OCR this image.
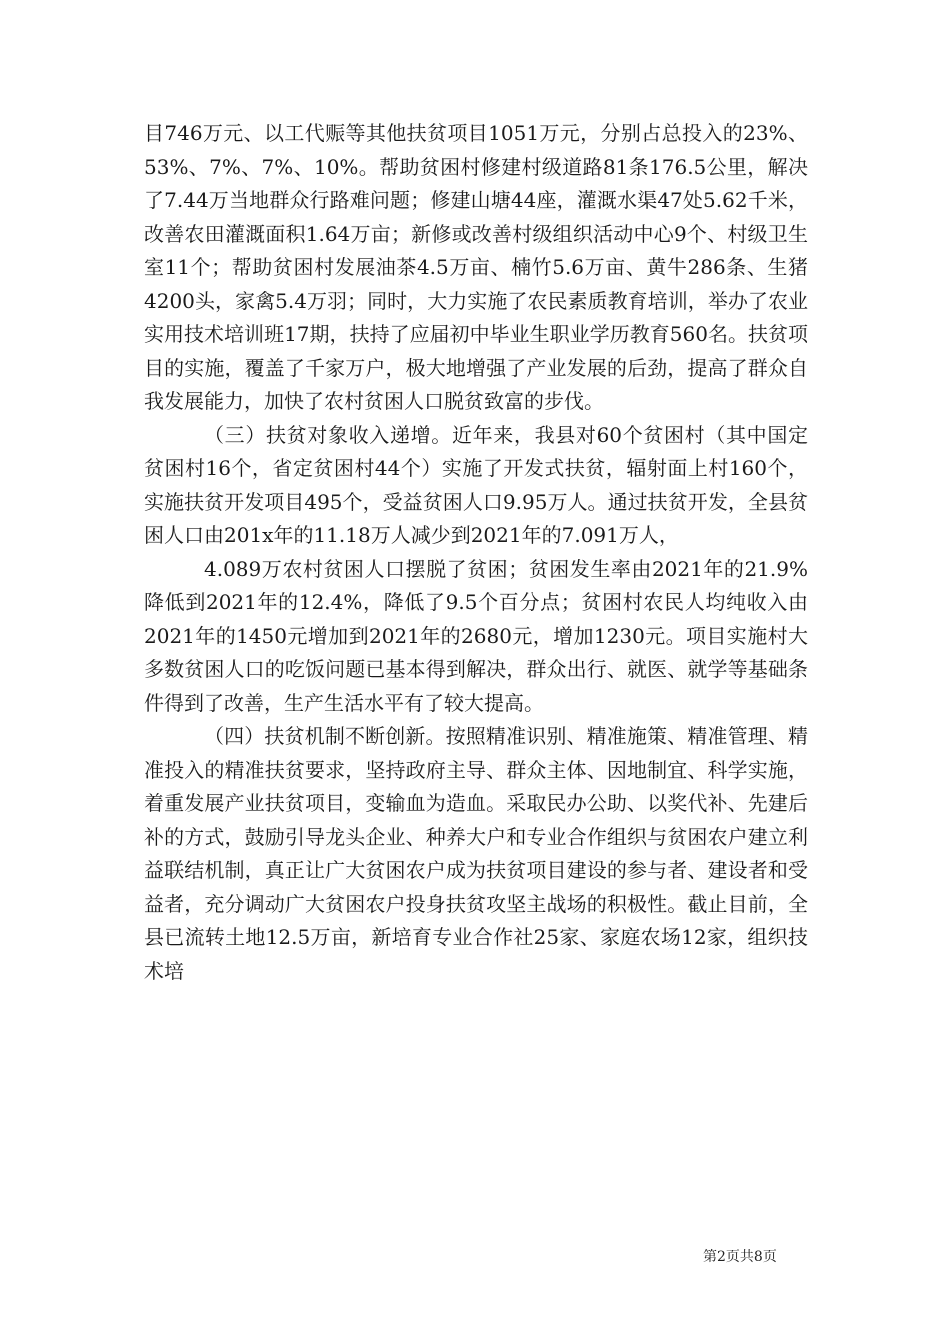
目746万元、以工代赈等其他扶贫项目1051万元，分别占总投入的23%、53%、7%、7%、10%。帮助贫困村修建村级道路81条176.5公里，解决了7.44万当地群众行路难问题；修建山塘44座，灌溉水渠47处5.62千米，改善农田灌溉面积1.64万亩；新修或改善村级组织活动中心9个、村级卫生室11个；帮助贫困村发展油茶4.5万亩、楠竹5.6万亩、黄牛286条、生猪4200头，家禽5.4万羽；同时，大力实施了农民素质教育培训，举办了农业实用技术培训班17期，扶持了应届初中毕业生职业学历教育560名。扶贫项目的实施，覆盖了千家万户，极大地增强了产业发展的后劲，提高了群众自我发展能力，加快了农村贫困人口脱贫致富的步伐。

（三）扶贫对象收入递增。近年来，我县对60个贫困村（其中国定贫困村16个，省定贫困村44个）实施了开发式扶贫，辐射面上村160个，实施扶贫开发项目495个，受益贫困人口9.95万人。通过扶贫开发，全县贫困人口由201x年的11.18万人减少到2021年的7.091万人，

4.089万农村贫困人口摆脱了贫困；贫困发生率由2021年的21.9%降低到2021年的12.4%，降低了9.5个百分点；贫困村农民人均纯收入由2021年的1450元增加到2021年的2680元，增加1230元。项目实施村大多数贫困人口的吃饭问题已基本得到解决，群众出行、就医、就学等基础条件得到了改善，生产生活水平有了较大提高。

（四）扶贫机制不断创新。按照精准识别、精准施策、精准管理、精准投入的精准扶贫要求，坚持政府主导、群众主体、因地制宜、科学实施，着重发展产业扶贫项目，变输血为造血。采取民办公助、以奖代补、先建后补的方式，鼓励引导龙头企业、种养大户和专业合作组织与贫困农户建立利益联结机制，真正让广大贫困农户成为扶贫项目建设的参与者、建设者和受益者，充分调动广大贫困农户投身扶贫攻坚主战场的积极性。截止目前，全县已流转土地12.5万亩，新培育专业合作社25家、家庭农场12家，组织技术培

第2页共8页
